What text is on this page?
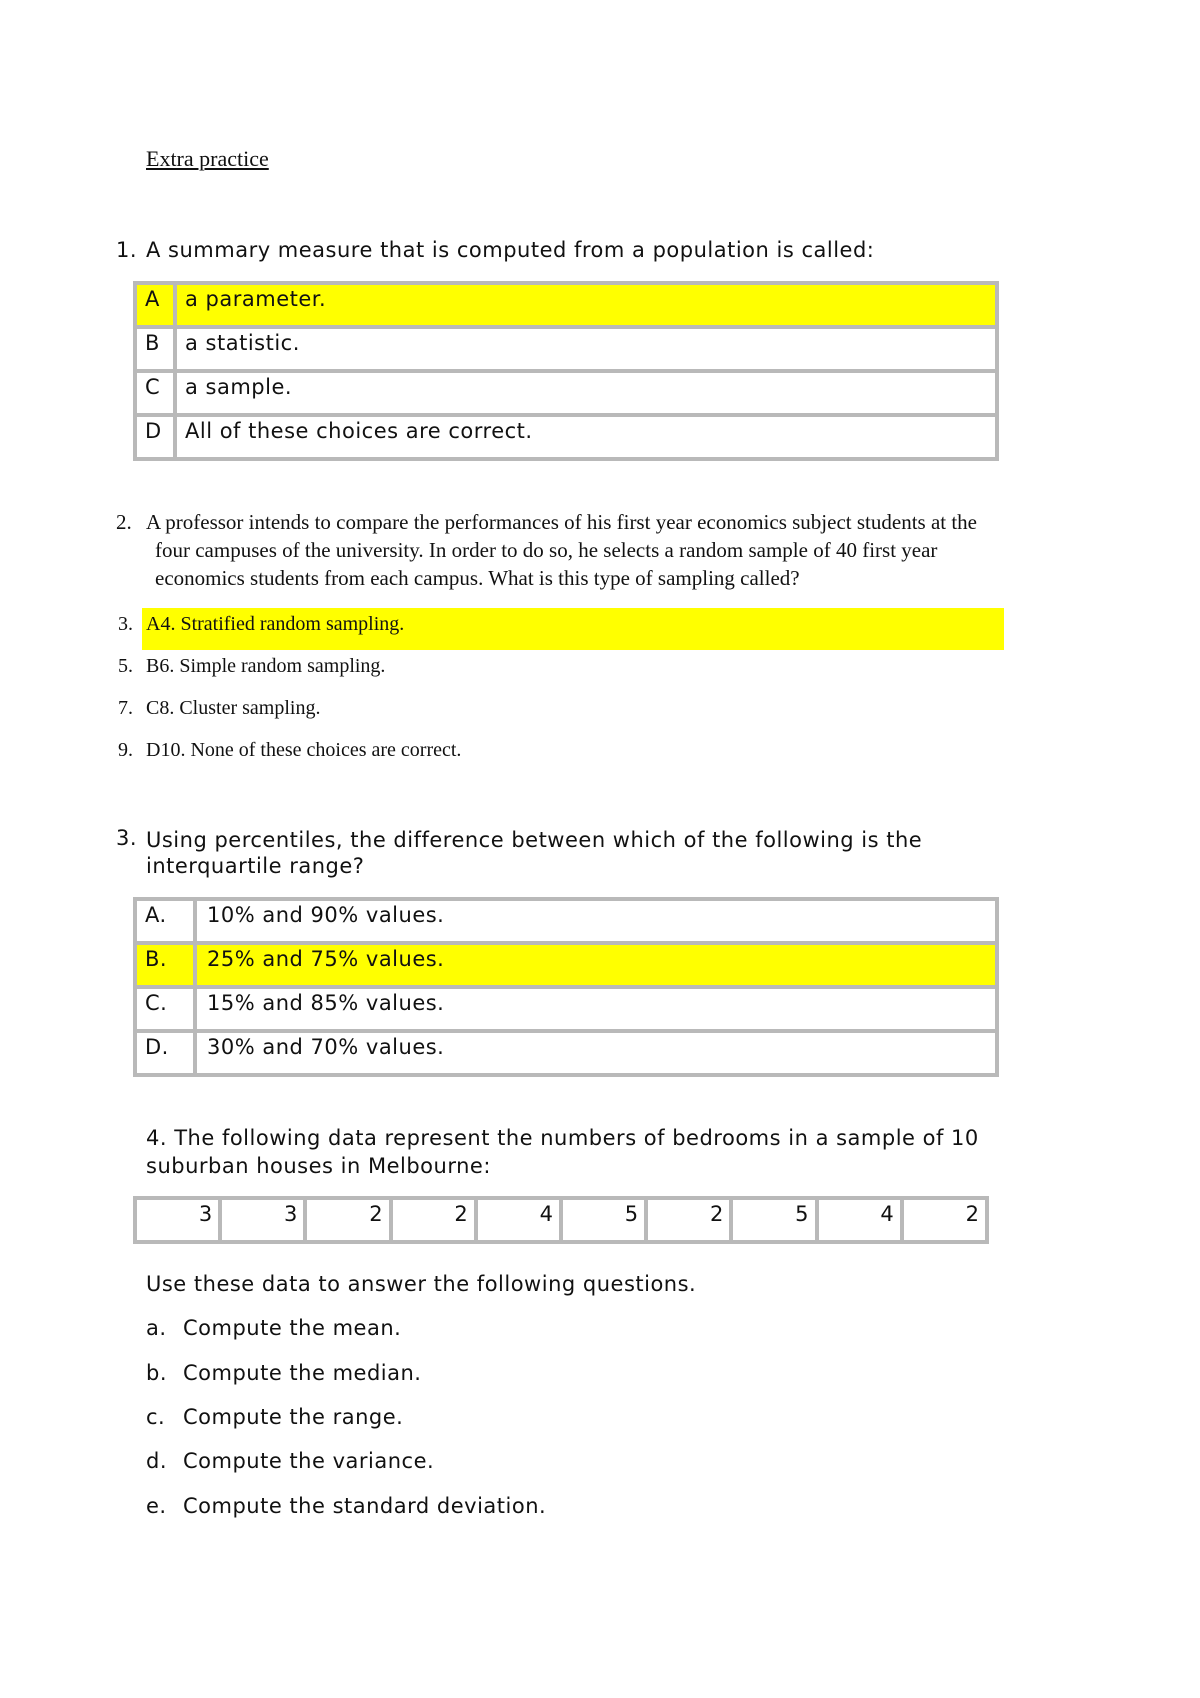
Extra practice
1. A summary measure that is computed from a population is called:
A	a parameter.
B	a statistic.
C	a sample.
D	All of these choices are correct.
2. A professor intends to compare the performances of his first year economics subject students at the
four campuses of the university. In order to do so, he selects a random sample of 40 first year
economics students from each campus. What is this type of sampling called?
3. A4. Stratified random sampling.
5. B6. Simple random sampling.
7. C8. Cluster sampling.
9. D10. None of these choices are correct.
3. Using percentiles, the difference between which of the following is the
interquartile range?
A.	10% and 90% values.
B.	25% and 75% values.
C.	15% and 85% values.
D.	30% and 70% values.
4. The following data represent the numbers of bedrooms in a sample of 10
suburban houses in Melbourne:
3	3	2	2	4	5	2	5	4	2
Use these data to answer the following questions.
a. Compute the mean.
b. Compute the median.
c. Compute the range.
d. Compute the variance.
e. Compute the standard deviation.
